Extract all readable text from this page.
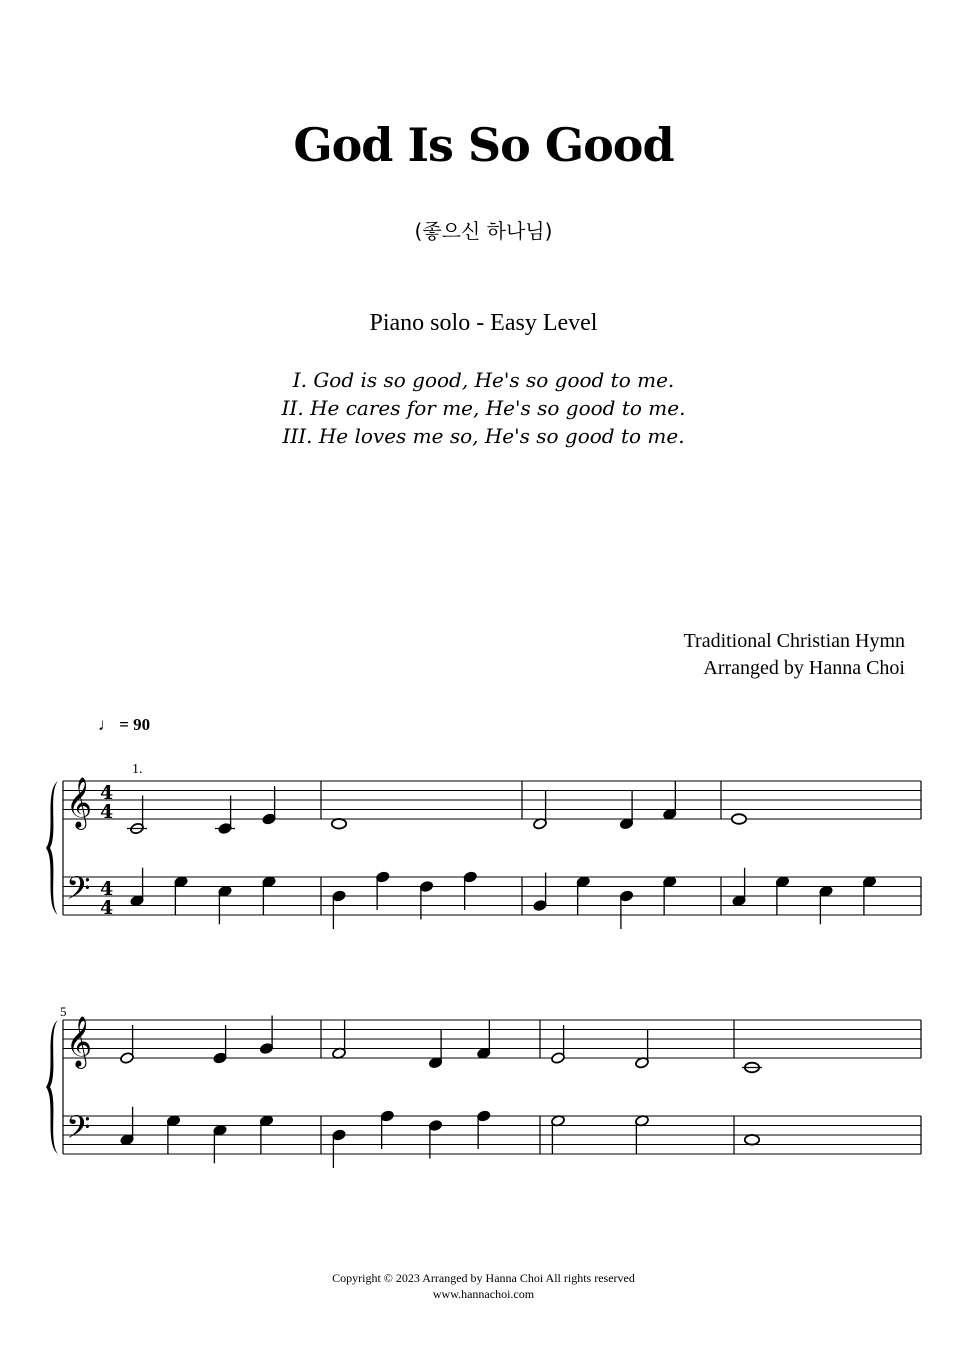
God Is So Good
(좋으신 하나님)
Piano solo - Easy Level
I. God is so good, He's so good to me.
II. He cares for me, He's so good to me.
III. He loves me so, He's so good to me.
Traditional Christian Hymn
Arranged by Hanna Choi
♩ = 90
1.
5
𝄞
𝄢
4
4
4
4
𝄞
𝄢
Copyright © 2023 Arranged by Hanna Choi All rights reserved
www.hannachoi.com
